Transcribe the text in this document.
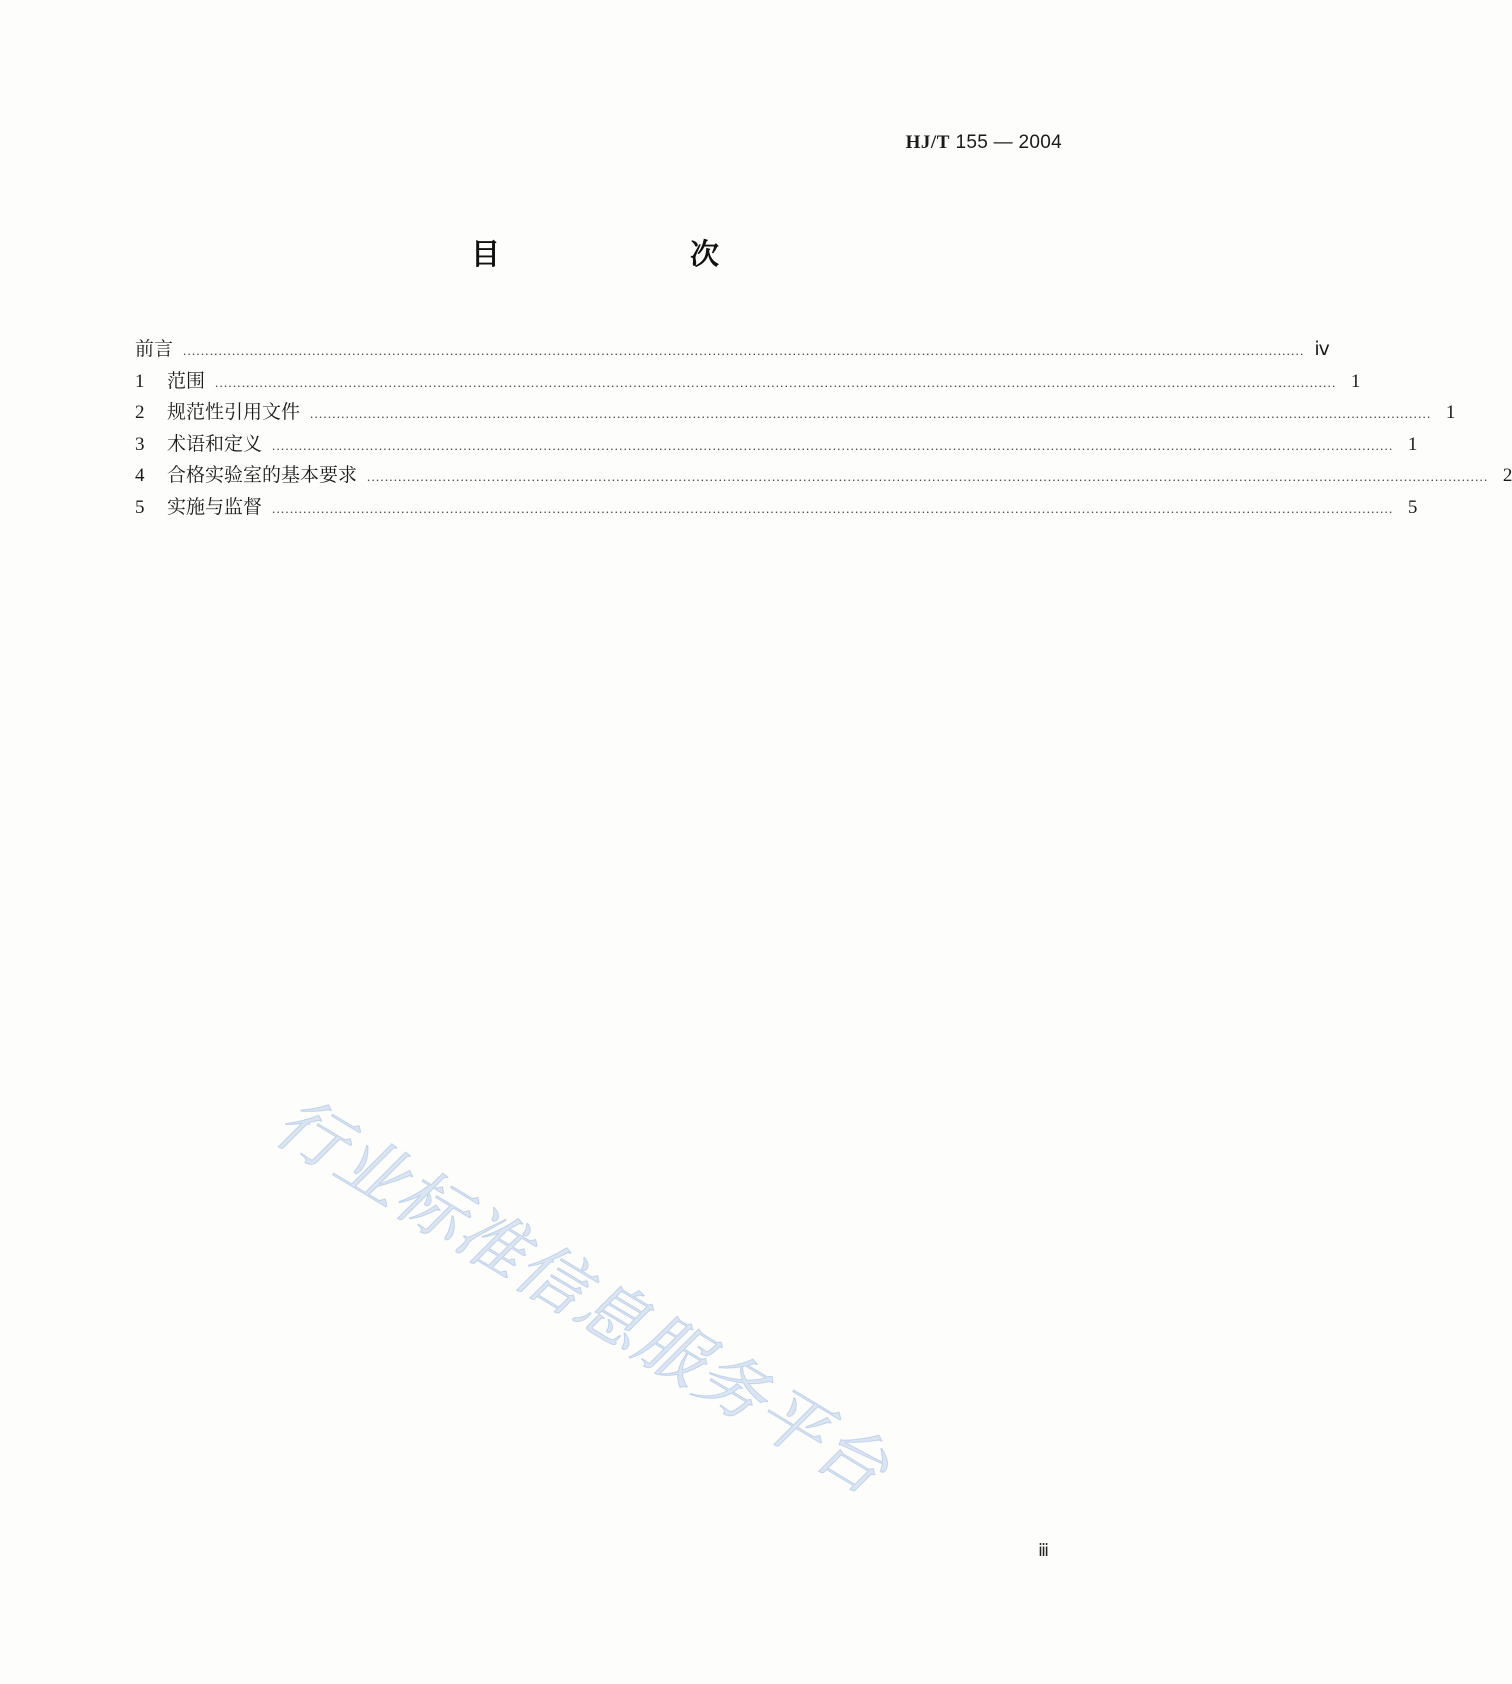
HJ/T 155 — 2004
目 次
前言 ............................................................................................................................................................................................................................................................ ⅳ
1	范围 ............................................................................................................................................................................................................................................................ 1
2	规范性引用文件 ............................................................................................................................................................................................................................................................ 1
3	术语和定义 ............................................................................................................................................................................................................................................................ 1
4	合格实验室的基本要求 ............................................................................................................................................................................................................................................................ 2
5	实施与监督 ............................................................................................................................................................................................................................................................ 5
行业标准信息服务平台
ⅲ
